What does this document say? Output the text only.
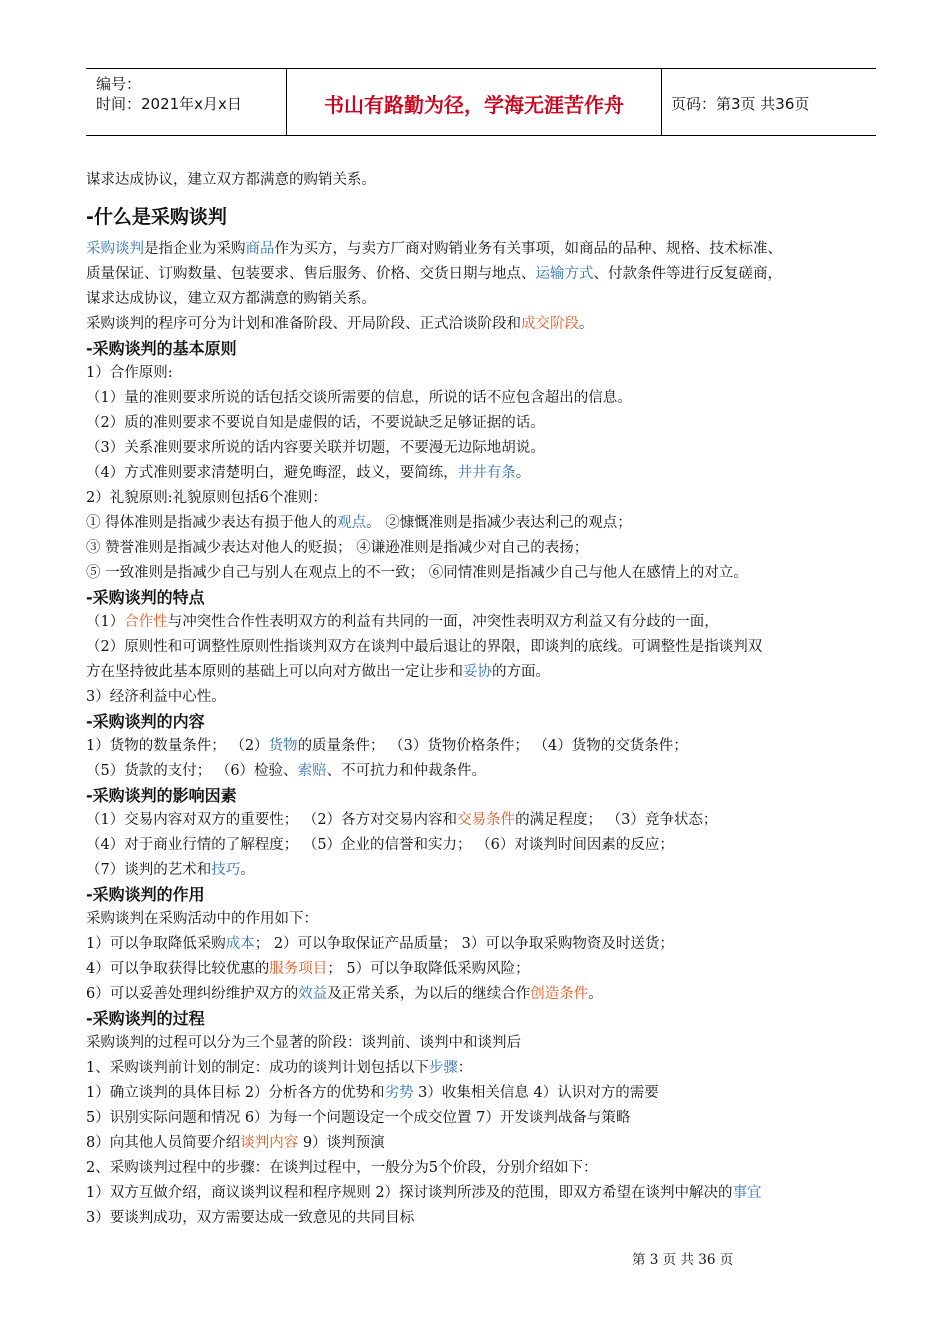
编号：
时间：2021年x月x日	书山有路勤为径，学海无涯苦作舟	页码：第3页 共36页
谋求达成协议，建立双方都满意的购销关系。
-什么是采购谈判
采购谈判是指企业为采购商品作为买方，与卖方厂商对购销业务有关事项，如商品的品种、规格、技术标准、
质量保证、订购数量、包装要求、售后服务、价格、交货日期与地点、运输方式、付款条件等进行反复磋商，
谋求达成协议，建立双方都满意的购销关系。
采购谈判的程序可分为计划和准备阶段、开局阶段、正式洽谈阶段和成交阶段。
-采购谈判的基本原则
1）合作原则:
（1）量的准则要求所说的话包括交谈所需要的信息，所说的话不应包含超出的信息。
（2）质的准则要求不要说自知是虚假的话，不要说缺乏足够证据的话。
（3）关系准则要求所说的话内容要关联并切题，不要漫无边际地胡说。
（4）方式准则要求清楚明白，避免晦涩，歧义，要简练，井井有条。
2）礼貌原则:礼貌原则包括6个准则：
① 得体准则是指减少表达有损于他人的观点。 ②慷慨准则是指减少表达利己的观点；
③ 赞誉准则是指减少表达对他人的贬损； ④谦逊准则是指减少对自己的表扬；
⑤ 一致准则是指减少自己与别人在观点上的不一致； ⑥同情准则是指减少自己与他人在感情上的对立。
-采购谈判的特点
（1）合作性与冲突性合作性表明双方的利益有共同的一面，冲突性表明双方利益又有分歧的一面，
（2）原则性和可调整性原则性指谈判双方在谈判中最后退让的界限，即谈判的底线。可调整性是指谈判双
方在坚持彼此基本原则的基础上可以向对方做出一定让步和妥协的方面。
3）经济利益中心性。
-采购谈判的内容
1）货物的数量条件； （2）货物的质量条件； （3）货物价格条件； （4）货物的交货条件；
（5）货款的支付； （6）检验、索赔、不可抗力和仲裁条件。
-采购谈判的影响因素
（1）交易内容对双方的重要性； （2）各方对交易内容和交易条件的满足程度； （3）竞争状态；
（4）对于商业行情的了解程度； （5）企业的信誉和实力； （6）对谈判时间因素的反应；
（7）谈判的艺术和技巧。
-采购谈判的作用
采购谈判在采购活动中的作用如下：
1）可以争取降低采购成本； 2）可以争取保证产品质量； 3）可以争取采购物资及时送货；
4）可以争取获得比较优惠的服务项目； 5）可以争取降低采购风险；
6）可以妥善处理纠纷维护双方的效益及正常关系，为以后的继续合作创造条件。
-采购谈判的过程
采购谈判的过程可以分为三个显著的阶段：谈判前、谈判中和谈判后
1、采购谈判前计划的制定：成功的谈判计划包括以下步骤：
1）确立谈判的具体目标 2）分析各方的优势和劣势 3）收集相关信息 4）认识对方的需要
5）识别实际问题和情况 6）为每一个问题设定一个成交位置 7）开发谈判战备与策略
8）向其他人员简要介绍谈判内容 9）谈判预演
2、采购谈判过程中的步骤：在谈判过程中，一般分为5个价段，分别介绍如下：
1）双方互做介绍，商议谈判议程和程序规则 2）探讨谈判所涉及的范围，即双方希望在谈判中解决的事宜
3）要谈判成功，双方需要达成一致意见的共同目标
第 3 页 共 36 页
